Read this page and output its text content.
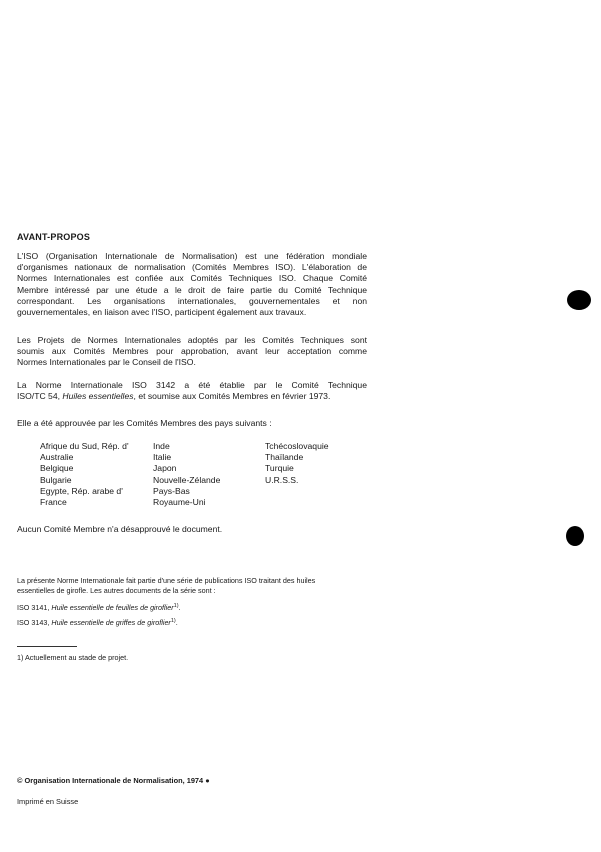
AVANT-PROPOS
L'ISO (Organisation Internationale de Normalisation) est une fédération mondiale
d'organismes nationaux de normalisation (Comités Membres ISO). L'élaboration de
Normes Internationales est confiée aux Comités Techniques ISO. Chaque Comité
Membre intéressé par une étude a le droit de faire partie du Comité Technique
correspondant. Les organisations internationales, gouvernementales et non
gouvernementales, en liaison avec l'ISO, participent également aux travaux.
Les Projets de Normes Internationales adoptés par les Comités Techniques sont
soumis aux Comités Membres pour approbation, avant leur acceptation comme
Normes Internationales par le Conseil de l'ISO.
La Norme Internationale ISO 3142 a été établie par le Comité Technique
ISO/TC 54, Huiles essentielles, et soumise aux Comités Membres en février 1973.
Elle a été approuvée par les Comités Membres des pays suivants :
Afrique du Sud, Rép. d'
Australie
Belgique
Bulgarie
Egypte, Rép. arabe d'
France
Inde
Italie
Japon
Nouvelle-Zélande
Pays-Bas
Royaume-Uni
Tchécoslovaquie
Thaïlande
Turquie
U.R.S.S.
Aucun Comité Membre n'a désapprouvé le document.
La présente Norme Internationale fait partie d'une série de publications ISO traitant des huiles
essentielles de girofle. Les autres documents de la série sont :
ISO 3141, Huile essentielle de feuilles de giroflier$^{1)}$.
ISO 3143, Huile essentielle de griffes de giroflier$^{1)}$.
1) Actuellement au stade de projet.
© Organisation Internationale de Normalisation, 1974 ●
Imprimé en Suisse
